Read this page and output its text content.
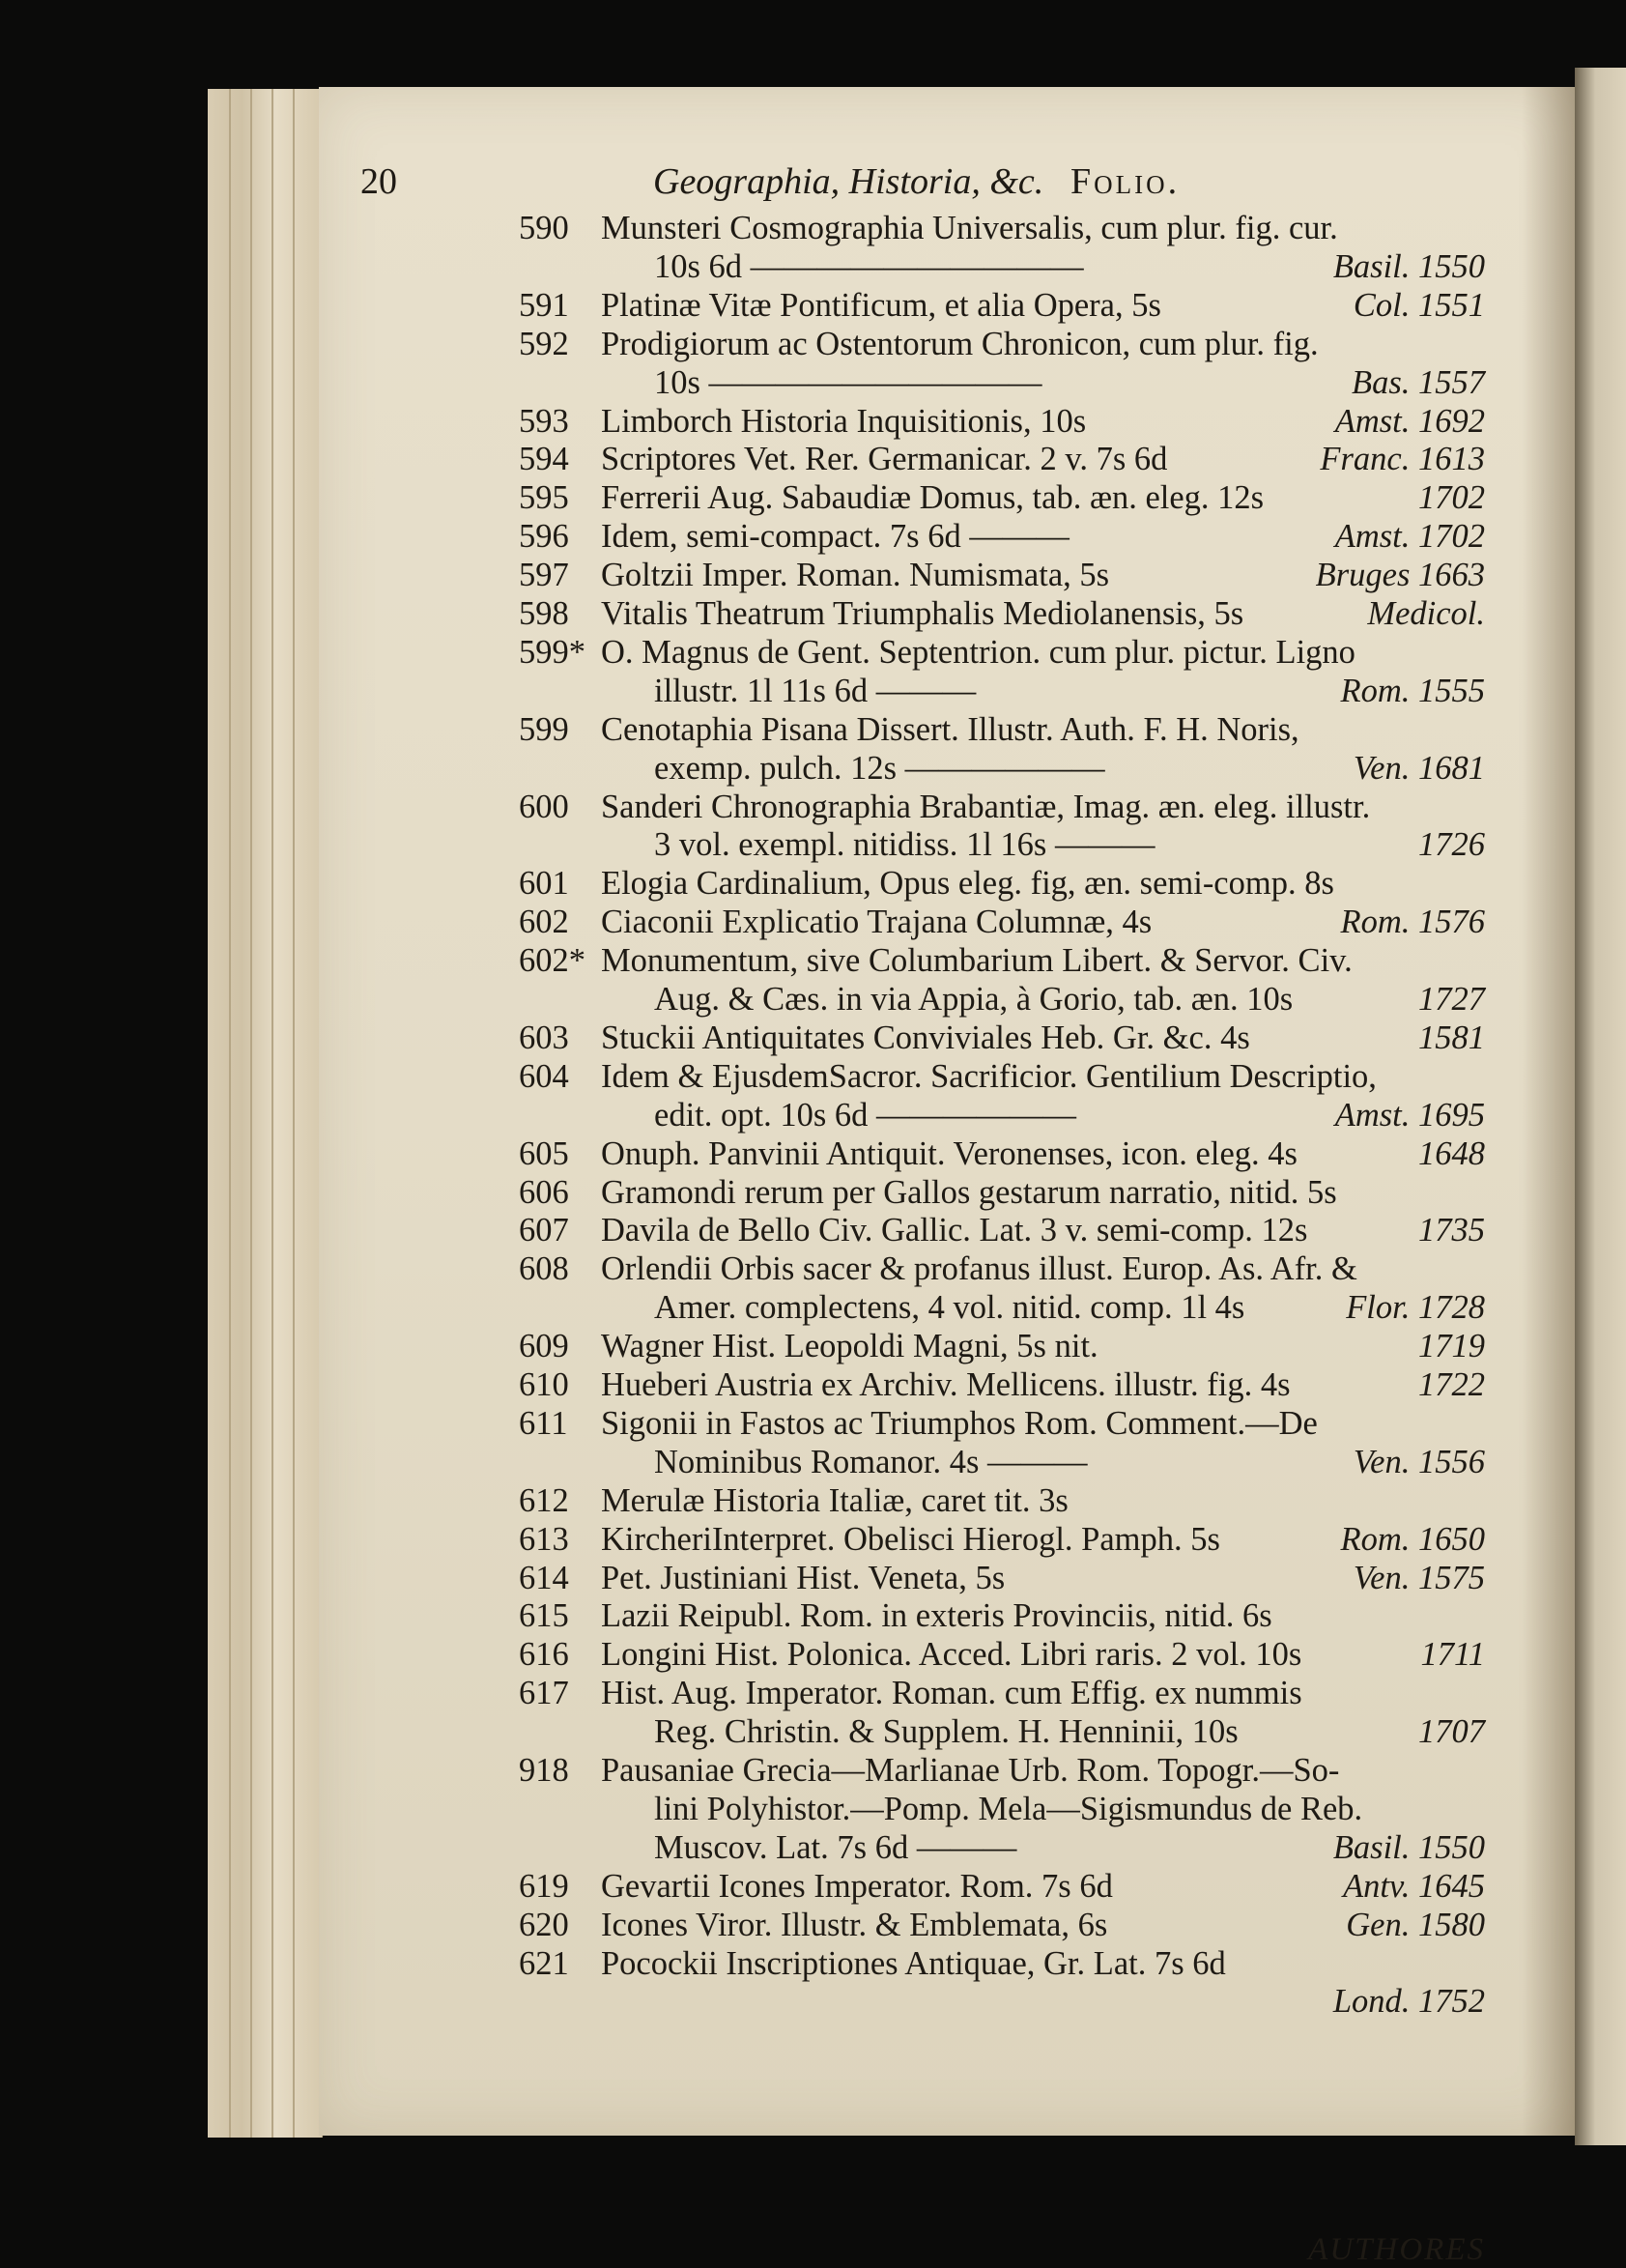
20	Geographia, Historia, &c. Folio.
AUTHORES
590 Munsteri Cosmographia Universalis, cum plur. fig. cur.
10s 6d ——————————	Basil. 1550
591 Platinæ Vitæ Pontificum, et alia Opera, 5s	Col. 1551
592 Prodigiorum ac Ostentorum Chronicon, cum plur. fig.
10s ——————————	Bas. 1557
593 Limborch Historia Inquisitionis, 10s	Amst. 1692
594 Scriptores Vet. Rer. Germanicar. 2 v. 7s 6d	Franc. 1613
595 Ferrerii Aug. Sabaudiæ Domus, tab. æn. eleg. 12s	1702
596 Idem, semi-compact. 7s 6d ———	Amst. 1702
597 Goltzii Imper. Roman. Numismata, 5s	Bruges 1663
598 Vitalis Theatrum Triumphalis Mediolanensis, 5s	Medicol.
599* O. Magnus de Gent. Septentrion. cum plur. pictur. Ligno
illustr. 1l 11s 6d ———	Rom. 1555
599 Cenotaphia Pisana Dissert. Illustr. Auth. F. H. Noris,
exemp. pulch. 12s ——————	Ven. 1681
600 Sanderi Chronographia Brabantiæ, Imag. æn. eleg. illustr.
3 vol. exempl. nitidiss. 1l 16s ———	1726
601 Elogia Cardinalium, Opus eleg. fig, æn. semi-comp. 8s
602 Ciaconii Explicatio Trajana Columnæ, 4s	Rom. 1576
602* Monumentum, sive Columbarium Libert. & Servor. Civ.
Aug. & Cæs. in via Appia, à Gorio, tab. æn. 10s	1727
603 Stuckii Antiquitates Conviviales Heb. Gr. &c. 4s	1581
604 Idem & EjusdemSacror. Sacrificior. Gentilium Descriptio,
edit. opt. 10s 6d ——————	Amst. 1695
605 Onuph. Panvinii Antiquit. Veronenses, icon. eleg. 4s	1648
606 Gramondi rerum per Gallos gestarum narratio, nitid. 5s
607 Davila de Bello Civ. Gallic. Lat. 3 v. semi-comp. 12s	1735
608 Orlendii Orbis sacer & profanus illust. Europ. As. Afr. &
Amer. complectens, 4 vol. nitid. comp. 1l 4s	Flor. 1728
609 Wagner Hist. Leopoldi Magni, 5s nit.	1719
610 Hueberi Austria ex Archiv. Mellicens. illustr. fig. 4s	1722
611 Sigonii in Fastos ac Triumphos Rom. Comment.—De
Nominibus Romanor. 4s ———	Ven. 1556
612 Merulæ Historia Italiæ, caret tit. 3s
613 KircheriInterpret. Obelisci Hierogl. Pamph. 5s	Rom. 1650
614 Pet. Justiniani Hist. Veneta, 5s	Ven. 1575
615 Lazii Reipubl. Rom. in exteris Provinciis, nitid. 6s
616 Longini Hist. Polonica. Acced. Libri raris. 2 vol. 10s	1711
617 Hist. Aug. Imperator. Roman. cum Effig. ex nummis
Reg. Christin. & Supplem. H. Henninii, 10s	1707
918 Pausaniae Grecia—Marlianae Urb. Rom. Topogr.—So-
lini Polyhistor.—Pomp. Mela—Sigismundus de Reb.
Muscov. Lat. 7s 6d ———	Basil. 1550
619 Gevartii Icones Imperator. Rom. 7s 6d	Antv. 1645
620 Icones Viror. Illustr. & Emblemata, 6s	Gen. 1580
621 Pocockii Inscriptiones Antiquae, Gr. Lat. 7s 6d
Lond. 1752
